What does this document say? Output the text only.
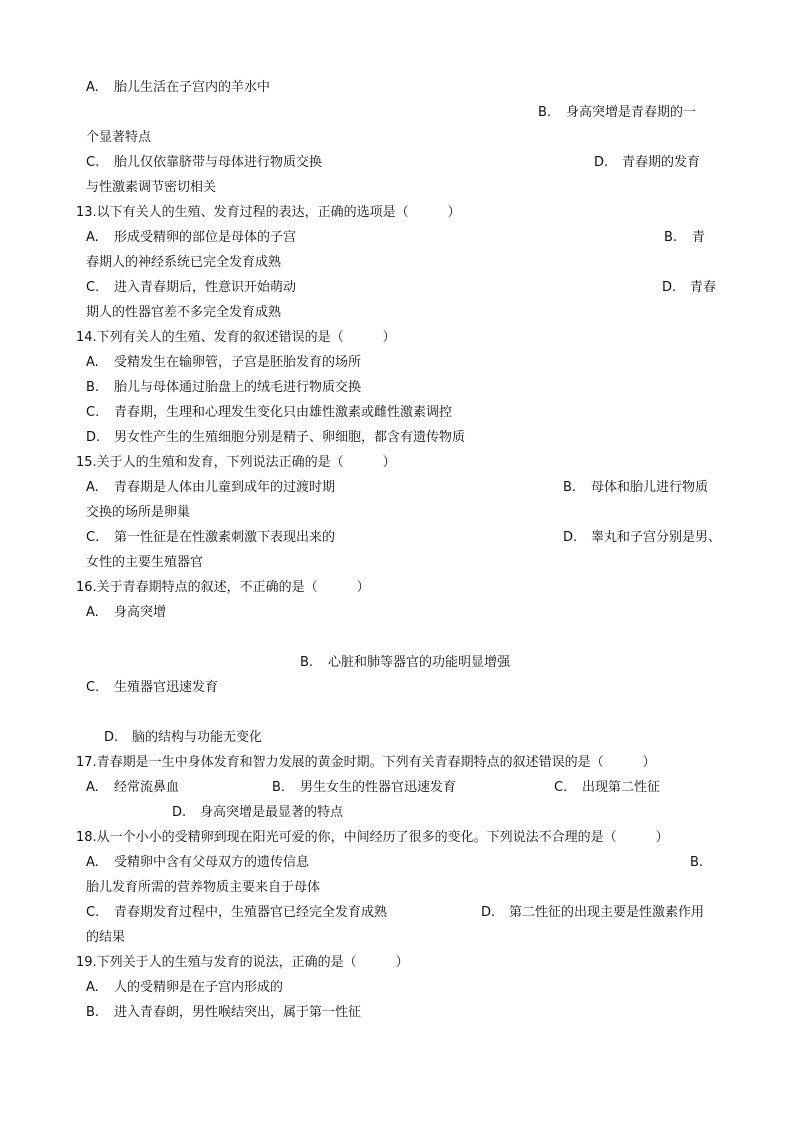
A. 胎儿生活在子宫内的羊水中
B. 身高突增是青春期的一
个显著特点
C. 胎儿仅依靠脐带与母体进行物质交换	D. 青春期的发育
与性激素调节密切相关
13.以下有关人的生殖、发育过程的表达，正确的选项是（　　　）
A. 形成受精卵的部位是母体的子宫	B. 青
春期人的神经系统已完全发育成熟
C. 进入青春期后，性意识开始萌动	D. 青春
期人的性器官差不多完全发育成熟
14.下列有关人的生殖、发育的叙述错误的是（　　　）
A. 受精发生在输卵管，子宫是胚胎发育的场所
B. 胎儿与母体通过胎盘上的绒毛进行物质交换
C. 青春期，生理和心理发生变化只由雄性激素或雌性激素调控
D. 男女性产生的生殖细胞分别是精子、卵细胞，都含有遗传物质
15.关于人的生殖和发育，下列说法正确的是（　　　）
A. 青春期是人体由儿童到成年的过渡时期	B. 母体和胎儿进行物质
交换的场所是卵巢
C. 第一性征是在性激素刺激下表现出来的	D. 睾丸和子宫分别是男、
女性的主要生殖器官
16.关于青春期特点的叙述，不正确的是（　　　）
A. 身高突增
B. 心脏和肺等器官的功能明显增强
C. 生殖器官迅速发育
D. 脑的结构与功能无变化
17.青春期是一生中身体发育和智力发展的黄金时期。下列有关青春期特点的叙述错误的是（　　　）
A. 经常流鼻血	B. 男生女生的性器官迅速发育	C. 出现第二性征
D. 身高突增是最显著的特点
18.从一个小小的受精卵到现在阳光可爱的你，中间经历了很多的变化。下列说法不合理的是（　　　）
A. 受精卵中含有父母双方的遗传信息	B.
胎儿发育所需的营养物质主要来自于母体
C. 青春期发育过程中，生殖器官已经完全发育成熟	D. 第二性征的出现主要是性激素作用
的结果
19.下列关于人的生殖与发育的说法，正确的是（　　　）
A. 人的受精卵是在子宫内形成的
B. 进入青春朗，男性喉结突出，属于第一性征
